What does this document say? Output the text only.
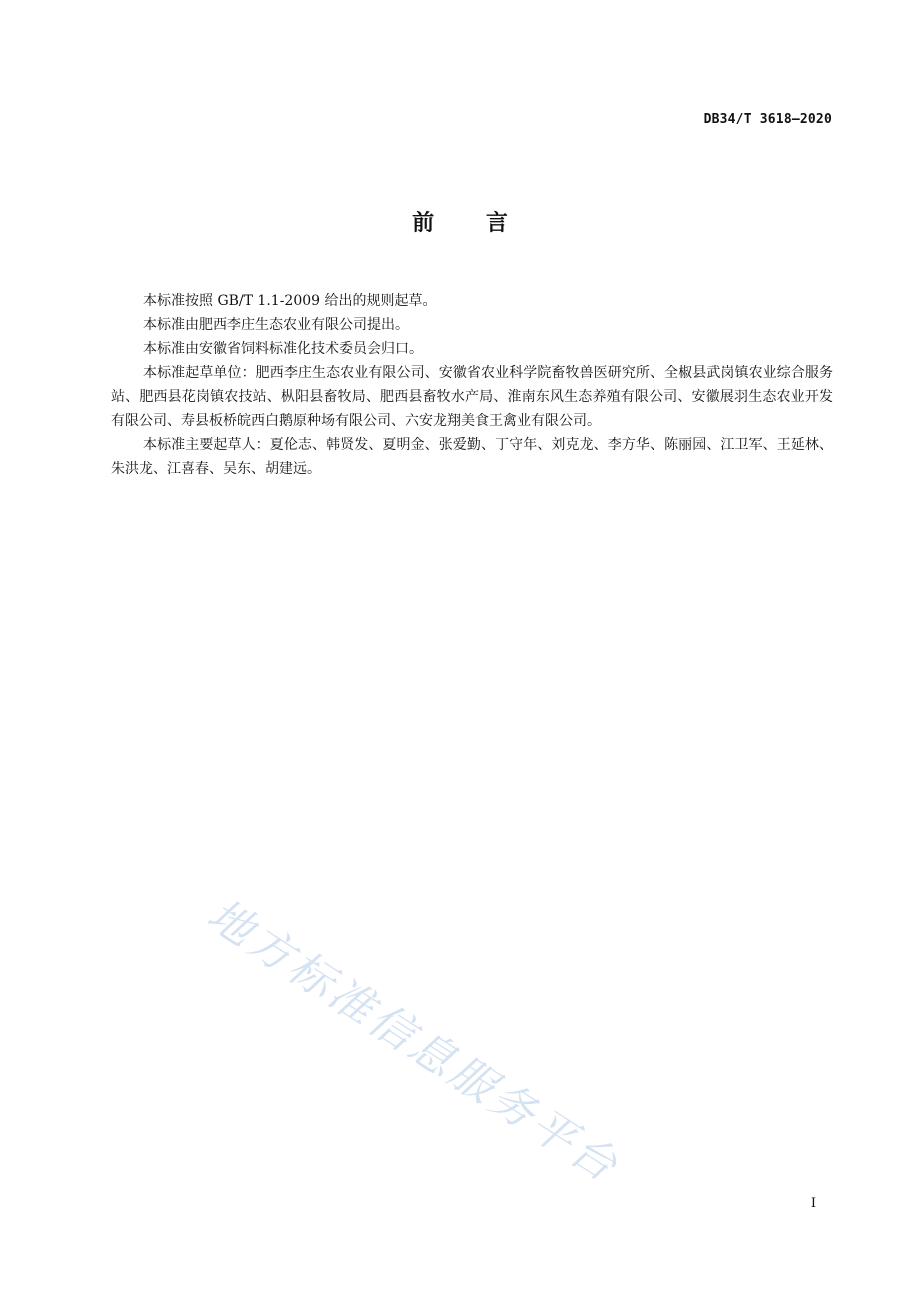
DB34/T 3618—2020
前 言

本标准按照 GB/T 1.1-2009 给出的规则起草。

本标准由肥西李庄生态农业有限公司提出。

本标准由安徽省饲料标准化技术委员会归口。

本标准起草单位：肥西李庄生态农业有限公司、安徽省农业科学院畜牧兽医研究所、全椒县武岗镇农业综合服务站、肥西县花岗镇农技站、枞阳县畜牧局、肥西县畜牧水产局、淮南东风生态养殖有限公司、安徽展羽生态农业开发有限公司、寿县板桥皖西白鹅原种场有限公司、六安龙翔美食王禽业有限公司。

本标准主要起草人：夏伦志、韩贤发、夏明金、张爱勤、丁守年、刘克龙、李方华、陈丽园、江卫军、王延林、朱洪龙、江喜春、吴东、胡建远。

地方标准信息服务平台
I
